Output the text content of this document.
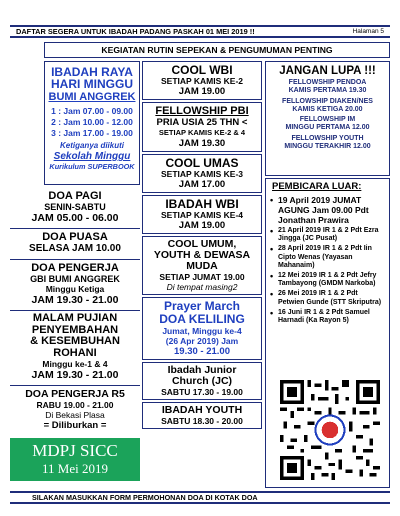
DAFTAR SEGERA UNTUK IBADAH PADANG PASKAH 01 MEI 2019 !!	Halaman 5
KEGIATAN RUTIN SEPEKAN & PENGUMUMAN PENTING
IBADAH RAYA
HARI MINGGU
BUMI ANGGREK
1 : Jam 07.00 - 09.00
2 : Jam 10.00 - 12.00
3 : Jam 17.00 - 19.00
Ketiganya diikuti
Sekolah Minggu
Kurikulum SUPERBOOK
DOA PAGI
SENIN-SABTU
JAM 05.00 - 06.00
DOA PUASA
SELASA JAM 10.00
DOA PENGERJA
GBI BUMI ANGGREK
Minggu Ketiga
JAM 19.30 - 21.00
MALAM PUJIAN
PENYEMBAHAN
& KESEMBUHAN
ROHANI
Minggu ke-1 & 4
JAM 19.30 - 21.00
DOA PENGERJA R5
RABU 19.00 - 21.00
Di Bekasi Plasa
= Diliburkan =
MDPJ SICC
11 Mei 2019
COOL WBI
SETIAP KAMIS KE-2
JAM 19.00
FELLOWSHIP PBI
PRIA USIA 25 THN <
SETIAP KAMIS KE-2 & 4
JAM 19.30
COOL UMAS
SETIAP KAMIS KE-3
JAM 17.00
IBADAH WBI
SETIAP KAMIS KE-4
JAM 19.00
COOL UMUM,
YOUTH & DEWASA
MUDA
SETIAP JUMAT 19.00
Di tempat masing2
Prayer March
DOA KELILING
Jumat, Minggu ke-4
(26 Apr 2019) Jam
19.30 - 21.00
Ibadah Junior
Church (JC)
SABTU 17.30 - 19.00
IBADAH YOUTH
SABTU 18.30 - 20.00
JANGAN LUPA !!!
FELLOWSHIP PENDOA
KAMIS PERTAMA 19.30
FELLOWSHIP DIAKEN/NES
KAMIS KETIGA 20.00
FELLOWSHIP IM
MINGGU PERTAMA 12.00
FELLOWSHIP YOUTH
MINGGU TERAKHIR 12.00
PEMBICARA LUAR:
• 19 April 2019 JUMAT AGUNG Jam 09.00 Pdt Jonathan Prawira
• 21 April 2019 IR 1 & 2 Pdt Ezra Jingga (JC Pusat)
• 28 April 2019 IR 1 & 2 Pdt Iin Cipto Wenas (Yayasan Mahanaim)
• 12 Mei 2019 IR 1 & 2 Pdt Jefry Tambayong (GMDM Narkoba)
• 26 Mei 2019 IR 1 & 2 Pdt Petwien Gunde (STT Skriputra)
• 16 Juni IR 1 & 2 Pdt Samuel Harnadi (Ka Rayon 5)
SILAKAN MASUKKAN FORM PERMOHONAN DOA DI KOTAK DOA
